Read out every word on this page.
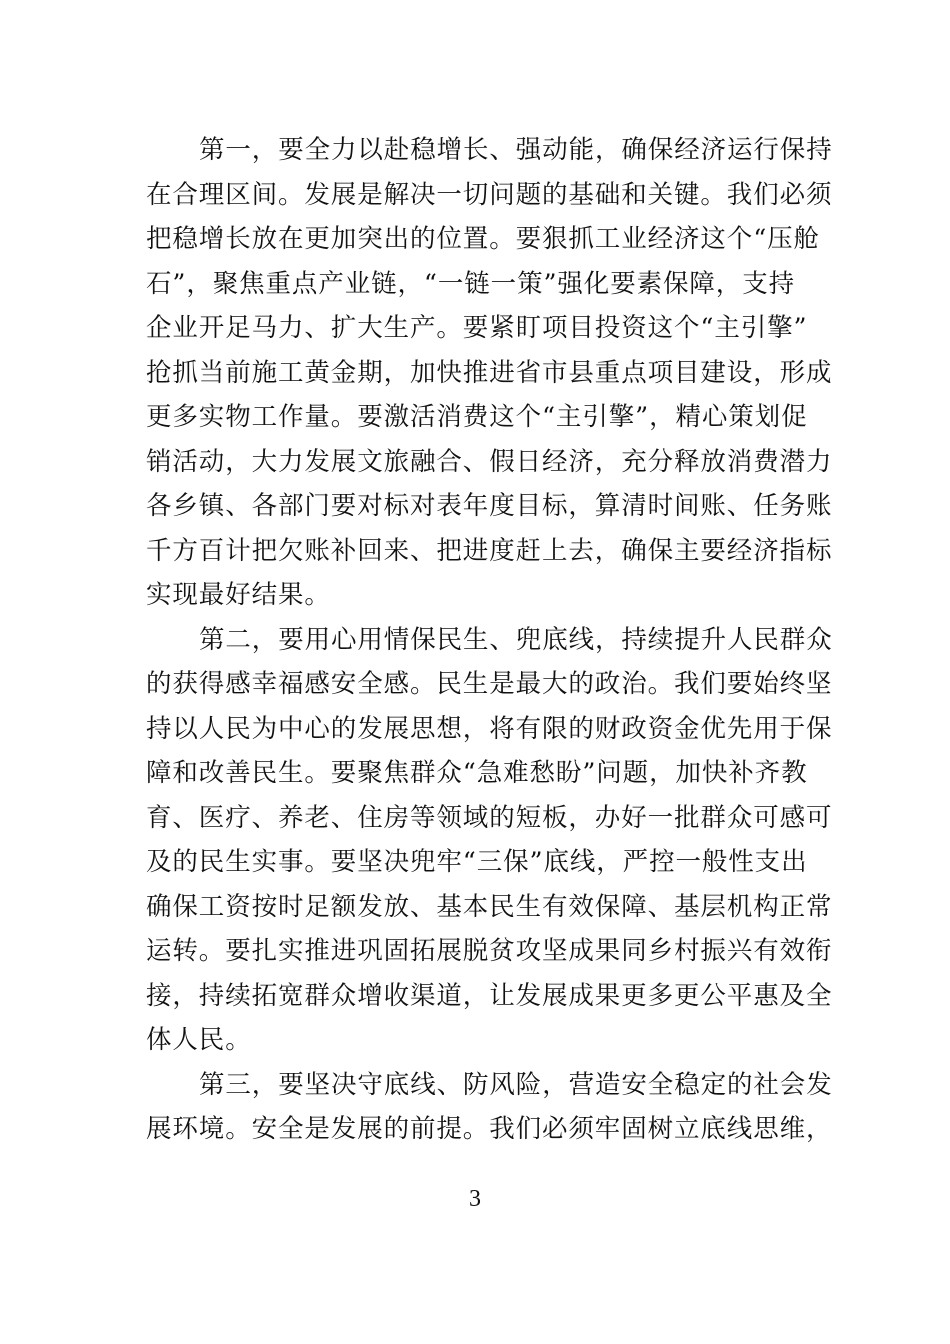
第一，要全力以赴稳增长、强动能，确保经济运行保持
在合理区间。发展是解决一切问题的基础和关键。我们必须
把稳增长放在更加突出的位置。要狠抓工业经济这个“压舱
石”，聚焦重点产业链，“一链一策”强化要素保障，支持
企业开足马力、扩大生产。要紧盯项目投资这个“主引擎”
抢抓当前施工黄金期，加快推进省市县重点项目建设，形成
更多实物工作量。要激活消费这个“主引擎”，精心策划促
销活动，大力发展文旅融合、假日经济，充分释放消费潜力
各乡镇、各部门要对标对表年度目标，算清时间账、任务账
千方百计把欠账补回来、把进度赶上去，确保主要经济指标
实现最好结果。
第二，要用心用情保民生、兜底线，持续提升人民群众
的获得感幸福感安全感。民生是最大的政治。我们要始终坚
持以人民为中心的发展思想，将有限的财政资金优先用于保
障和改善民生。要聚焦群众“急难愁盼”问题，加快补齐教
育、医疗、养老、住房等领域的短板，办好一批群众可感可
及的民生实事。要坚决兜牢“三保”底线，严控一般性支出
确保工资按时足额发放、基本民生有效保障、基层机构正常
运转。要扎实推进巩固拓展脱贫攻坚成果同乡村振兴有效衔
接，持续拓宽群众增收渠道，让发展成果更多更公平惠及全
体人民。
第三，要坚决守底线、防风险，营造安全稳定的社会发
展环境。安全是发展的前提。我们必须牢固树立底线思维，
3
